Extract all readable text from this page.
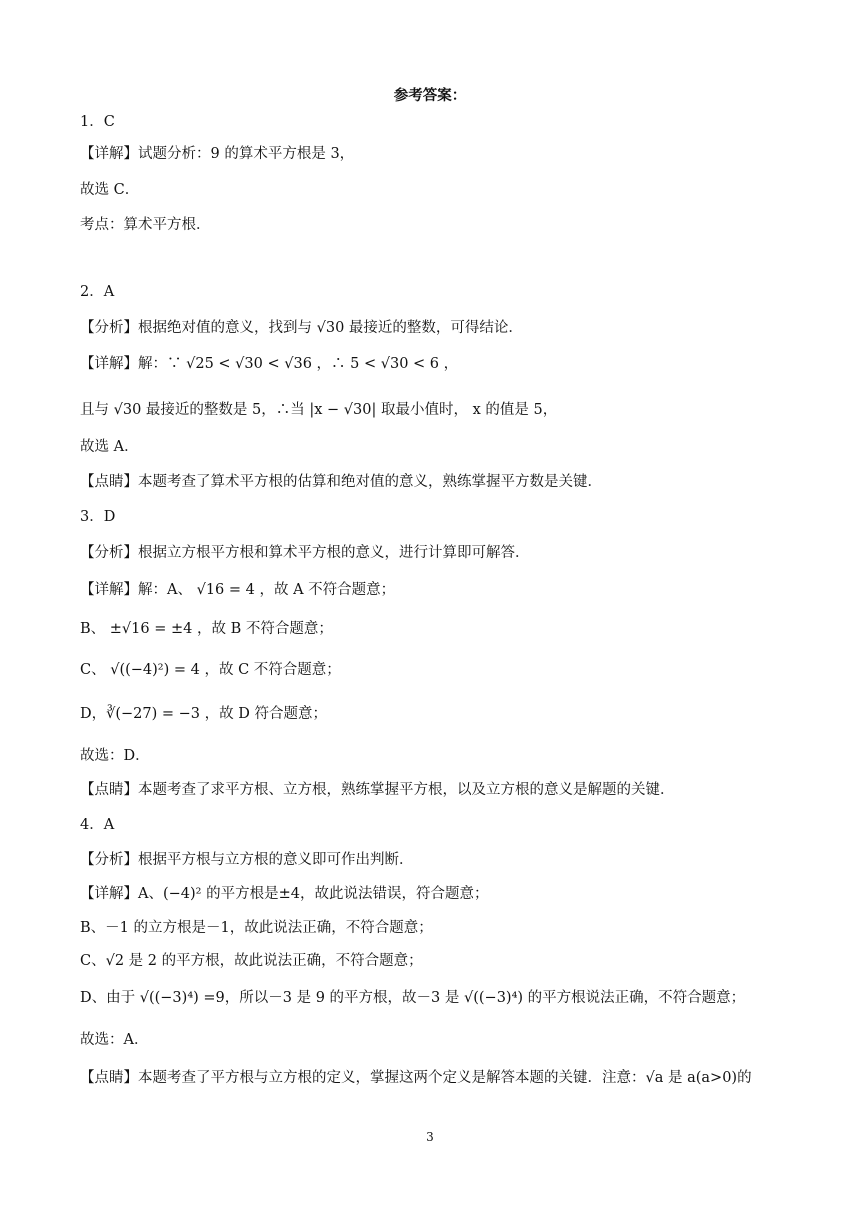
参考答案：
1．C
【详解】试题分析：9 的算术平方根是 3，
故选 C．
考点：算术平方根．
2．A
【分析】根据绝对值的意义，找到与 √30 最接近的整数，可得结论．
【详解】解：∵ √25 < √30 < √36 ，∴ 5 < √30 < 6 ，
且与 √30 最接近的整数是 5，∴当 |x − √30| 取最小值时， x 的值是 5，
故选 A．
【点睛】本题考查了算术平方根的估算和绝对值的意义，熟练掌握平方数是关键．
3．D
【分析】根据立方根平方根和算术平方根的意义，进行计算即可解答．
【详解】解：A、 √16 = 4 ，故 A 不符合题意；
B、 ±√16 = ±4 ，故 B 不符合题意；
C、 √((−4)²) = 4 ，故 C 不符合题意；
D，∛(−27) = −3 ，故 D 符合题意；
故选：D．
【点睛】本题考查了求平方根、立方根，熟练掌握平方根，以及立方根的意义是解题的关键．
4．A
【分析】根据平方根与立方根的意义即可作出判断．
【详解】A、(−4)² 的平方根是±4，故此说法错误，符合题意；
B、－1 的立方根是－1，故此说法正确，不符合题意；
C、√2 是 2 的平方根，故此说法正确，不符合题意；
D、由于 √((−3)⁴) =9，所以－3 是 9 的平方根，故－3 是 √((−3)⁴) 的平方根说法正确，不符合题意；
故选：A．
【点睛】本题考查了平方根与立方根的定义，掌握这两个定义是解答本题的关键．注意：√a 是 a(a>0)的
3
